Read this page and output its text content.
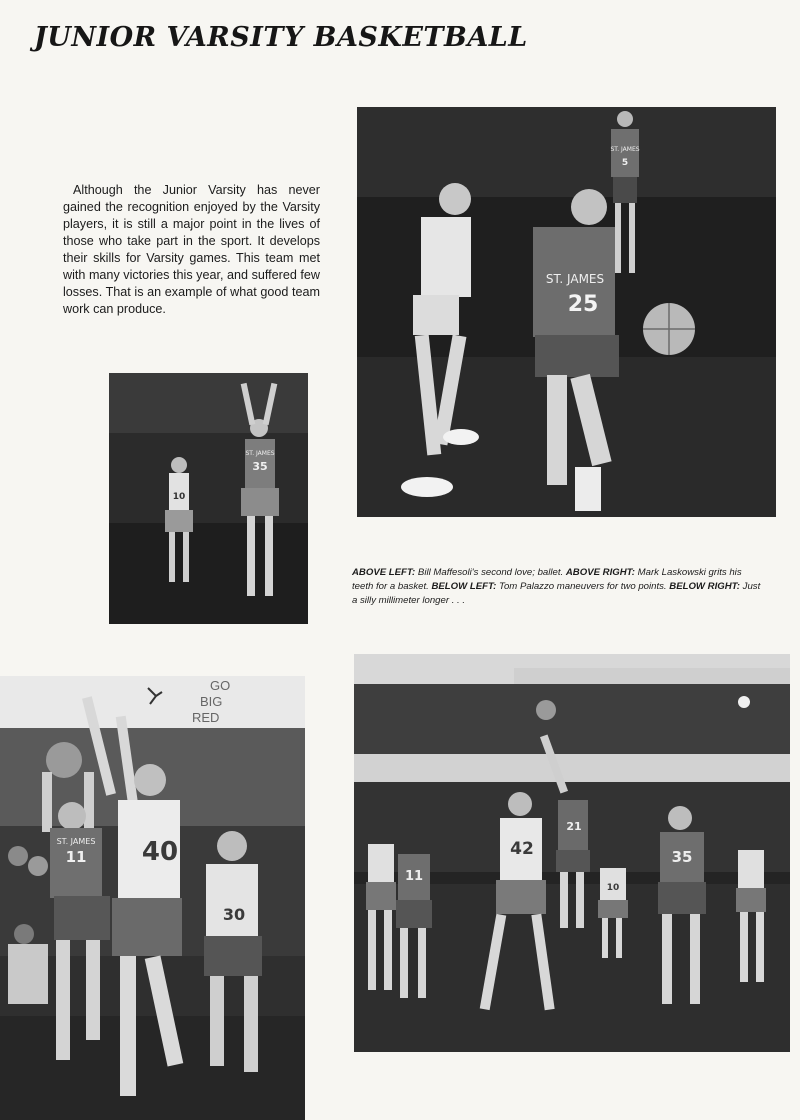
JUNIOR VARSITY BASKETBALL

Although the Junior Varsity has never gained the recognition enjoyed by the Varsity players, it is still a major point in the lives of those who take part in the sport. It develops their skills for Varsity games. This team met with many victories this year, and suffered few losses. That is an example of what good team work can produce.

ABOVE LEFT: Bill Maffesoli's second love; ballet. ABOVE RIGHT: Mark Laskowski grits his teeth for a basket. BELOW LEFT: Tom Palazzo maneuvers for two points. BELOW RIGHT: Just a silly millimeter longer . . .

10
ST. JAMES
35
ST. JAMES
5
ST. JAMES
25
GO
BIG
RED
ST. JAMES
11 40
30
11
42
21
10
35
